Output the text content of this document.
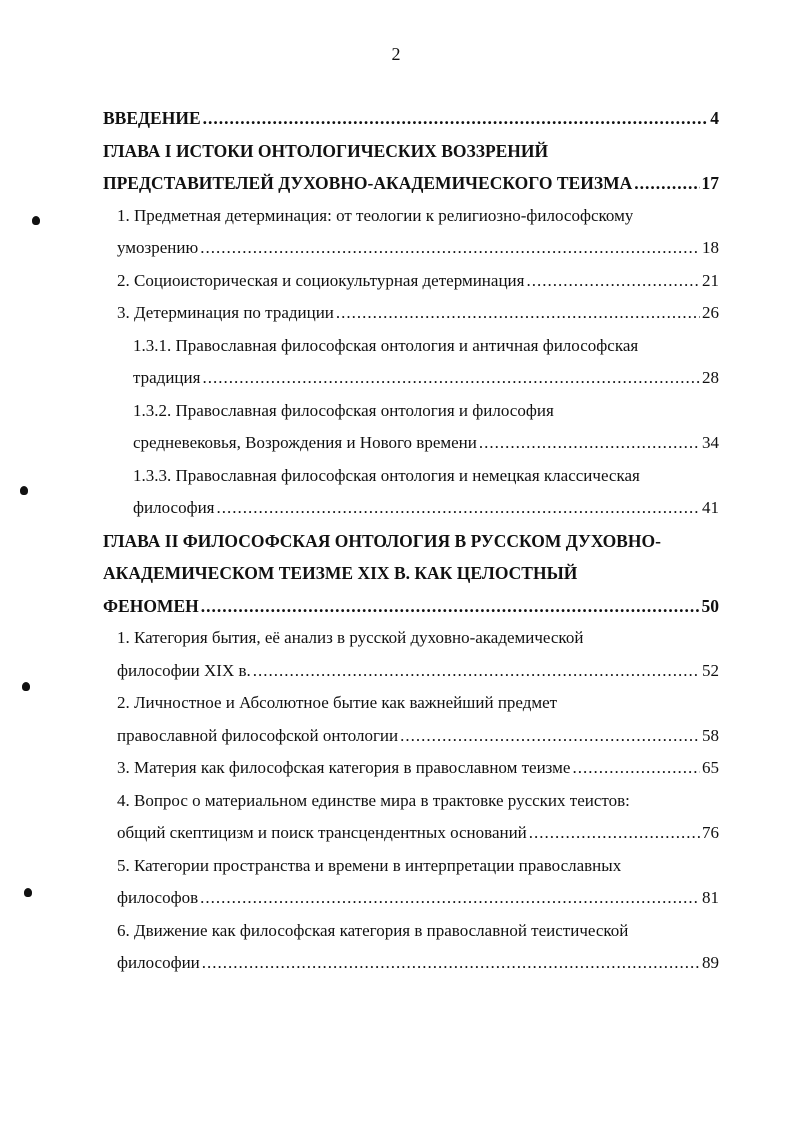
2
ВВЕДЕНИЕ .....	4
ГЛАВА I ИСТОКИ ОНТОЛОГИЧЕСКИХ ВОЗЗРЕНИЙ
ПРЕДСТАВИТЕЛЕЙ ДУХОВНО-АКАДЕМИЧЕСКОГО ТЕИЗМА .....	17
1. Предметная детерминация: от теологии к религиозно-философскому
умозрению .....	18
2. Социоисторическая и социокультурная детерминация .....	21
3. Детерминация по традиции .....	26
1.3.1. Православная философская онтология и античная философская
традиция .....	28
1.3.2. Православная философская онтология и философия
средневековья, Возрождения и Нового времени .....	34
1.3.3. Православная философская онтология и немецкая классическая
философия .....	41
ГЛАВА II ФИЛОСОФСКАЯ ОНТОЛОГИЯ В РУССКОМ ДУХОВНО-
АКАДЕМИЧЕСКОМ ТЕИЗМЕ XIX В. КАК ЦЕЛОСТНЫЙ
ФЕНОМЕН .....	50
1. Категория бытия, её анализ в русской духовно-академической
философии XIX в. .....	52
2. Личностное и Абсолютное бытие как важнейший предмет
православной философской онтологии .....	58
3. Материя как философская категория в православном теизме .....	65
4. Вопрос о материальном единстве мира в трактовке русских теистов:
общий скептицизм и поиск трансцендентных оснований .....	76
5. Категории пространства и времени в интерпретации православных
философов .....	81
6. Движение как философская категория в православной теистической
философии .....	89
